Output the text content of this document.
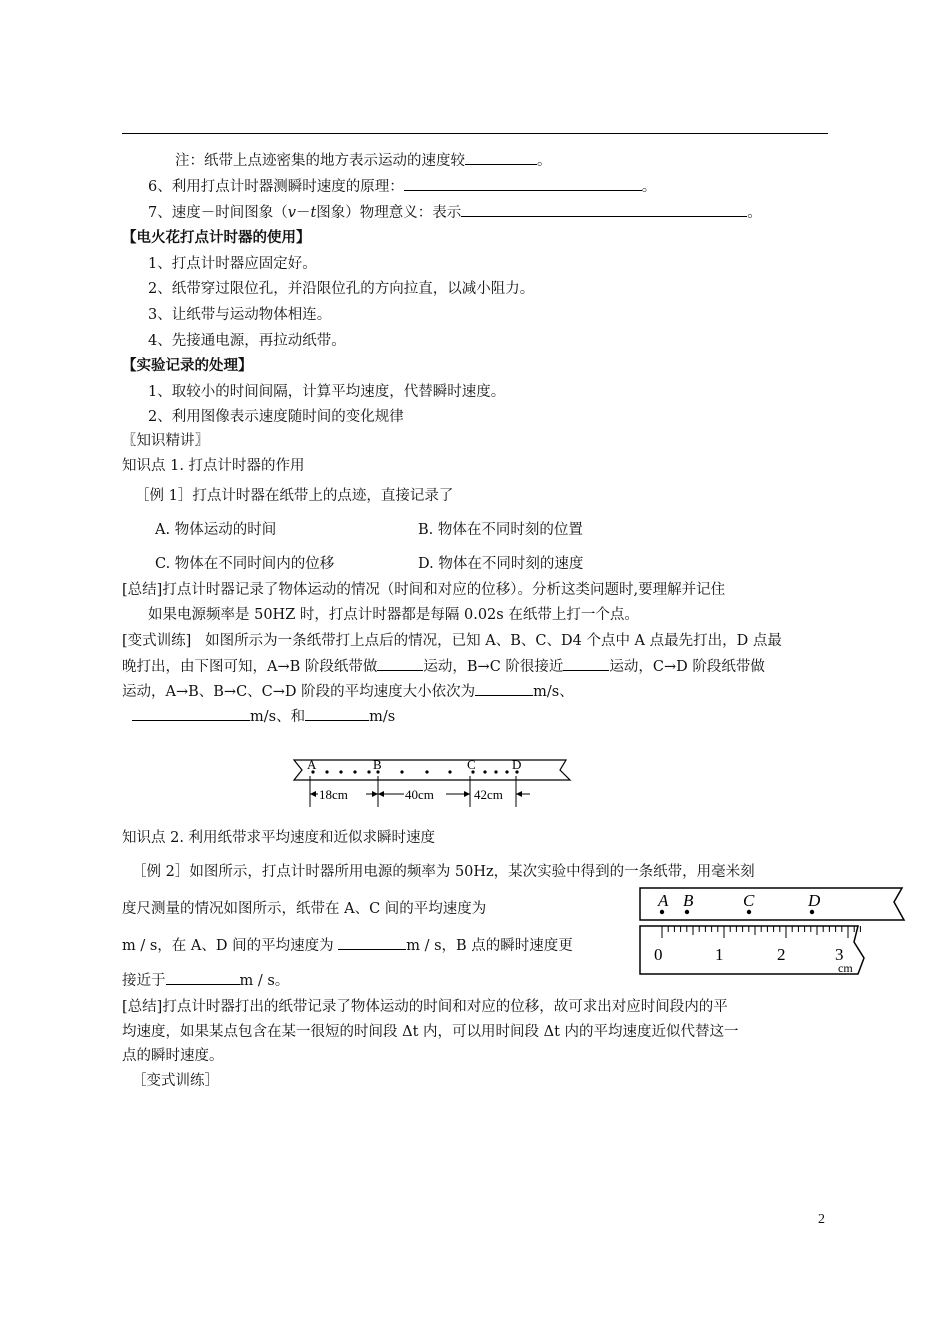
注：纸带上点迹密集的地方表示运动的速度较	。
6、利用打点计时器测瞬时速度的原理：	。
7、速度－时间图象（v－t图象）物理意义：表示	。
【电火花打点计时器的使用】
1、打点计时器应固定好。
2、纸带穿过限位孔，并沿限位孔的方向拉直，以减小阻力。
3、让纸带与运动物体相连。
4、先接通电源，再拉动纸带。
【实验记录的处理】
1、取较小的时间间隔，计算平均速度，代替瞬时速度。
2、利用图像表示速度随时间的变化规律
〖知识精讲〗
知识点 1. 打点计时器的作用
［例 1］打点计时器在纸带上的点迹，直接记录了
A. 物体运动的时间	B. 物体在不同时刻的位置
C. 物体在不同时间内的位移	D. 物体在不同时刻的速度
[总结]打点计时器记录了物体运动的情况（时间和对应的位移）。分析这类问题时,要理解并记住
如果电源频率是 50HZ 时，打点计时器都是每隔 0.02s 在纸带上打一个点。
[变式训练] 如图所示为一条纸带打上点后的情况，已知 A、B、C、D4 个点中 A 点最先打出，D 点最
晚打出，由下图可知，A→B 阶段纸带做	运动，B→C 阶很接近	运动，C→D 阶段纸带做
运动，A→B、B→C、C→D 阶段的平均速度大小依次为	m/s、
m/s、和	m/s
A	B	C	D
18cm	40cm	42cm
知识点 2. 利用纸带求平均速度和近似求瞬时速度
［例 2］如图所示，打点计时器所用电源的频率为 50Hz，某次实验中得到的一条纸带，用毫米刻
度尺测量的情况如图所示，纸带在 A、C 间的平均速度为
m / s，在 A、D 间的平均速度为	m / s，B 点的瞬时速度更
接近于	m / s。
A B	C	D
0	1	2	3
cm
[总结]打点计时器打出的纸带记录了物体运动的时间和对应的位移，故可求出对应时间段内的平
均速度，如果某点包含在某一很短的时间段 Δt 内，可以用时间段 Δt 内的平均速度近似代替这一
点的瞬时速度。
［变式训练］
2
